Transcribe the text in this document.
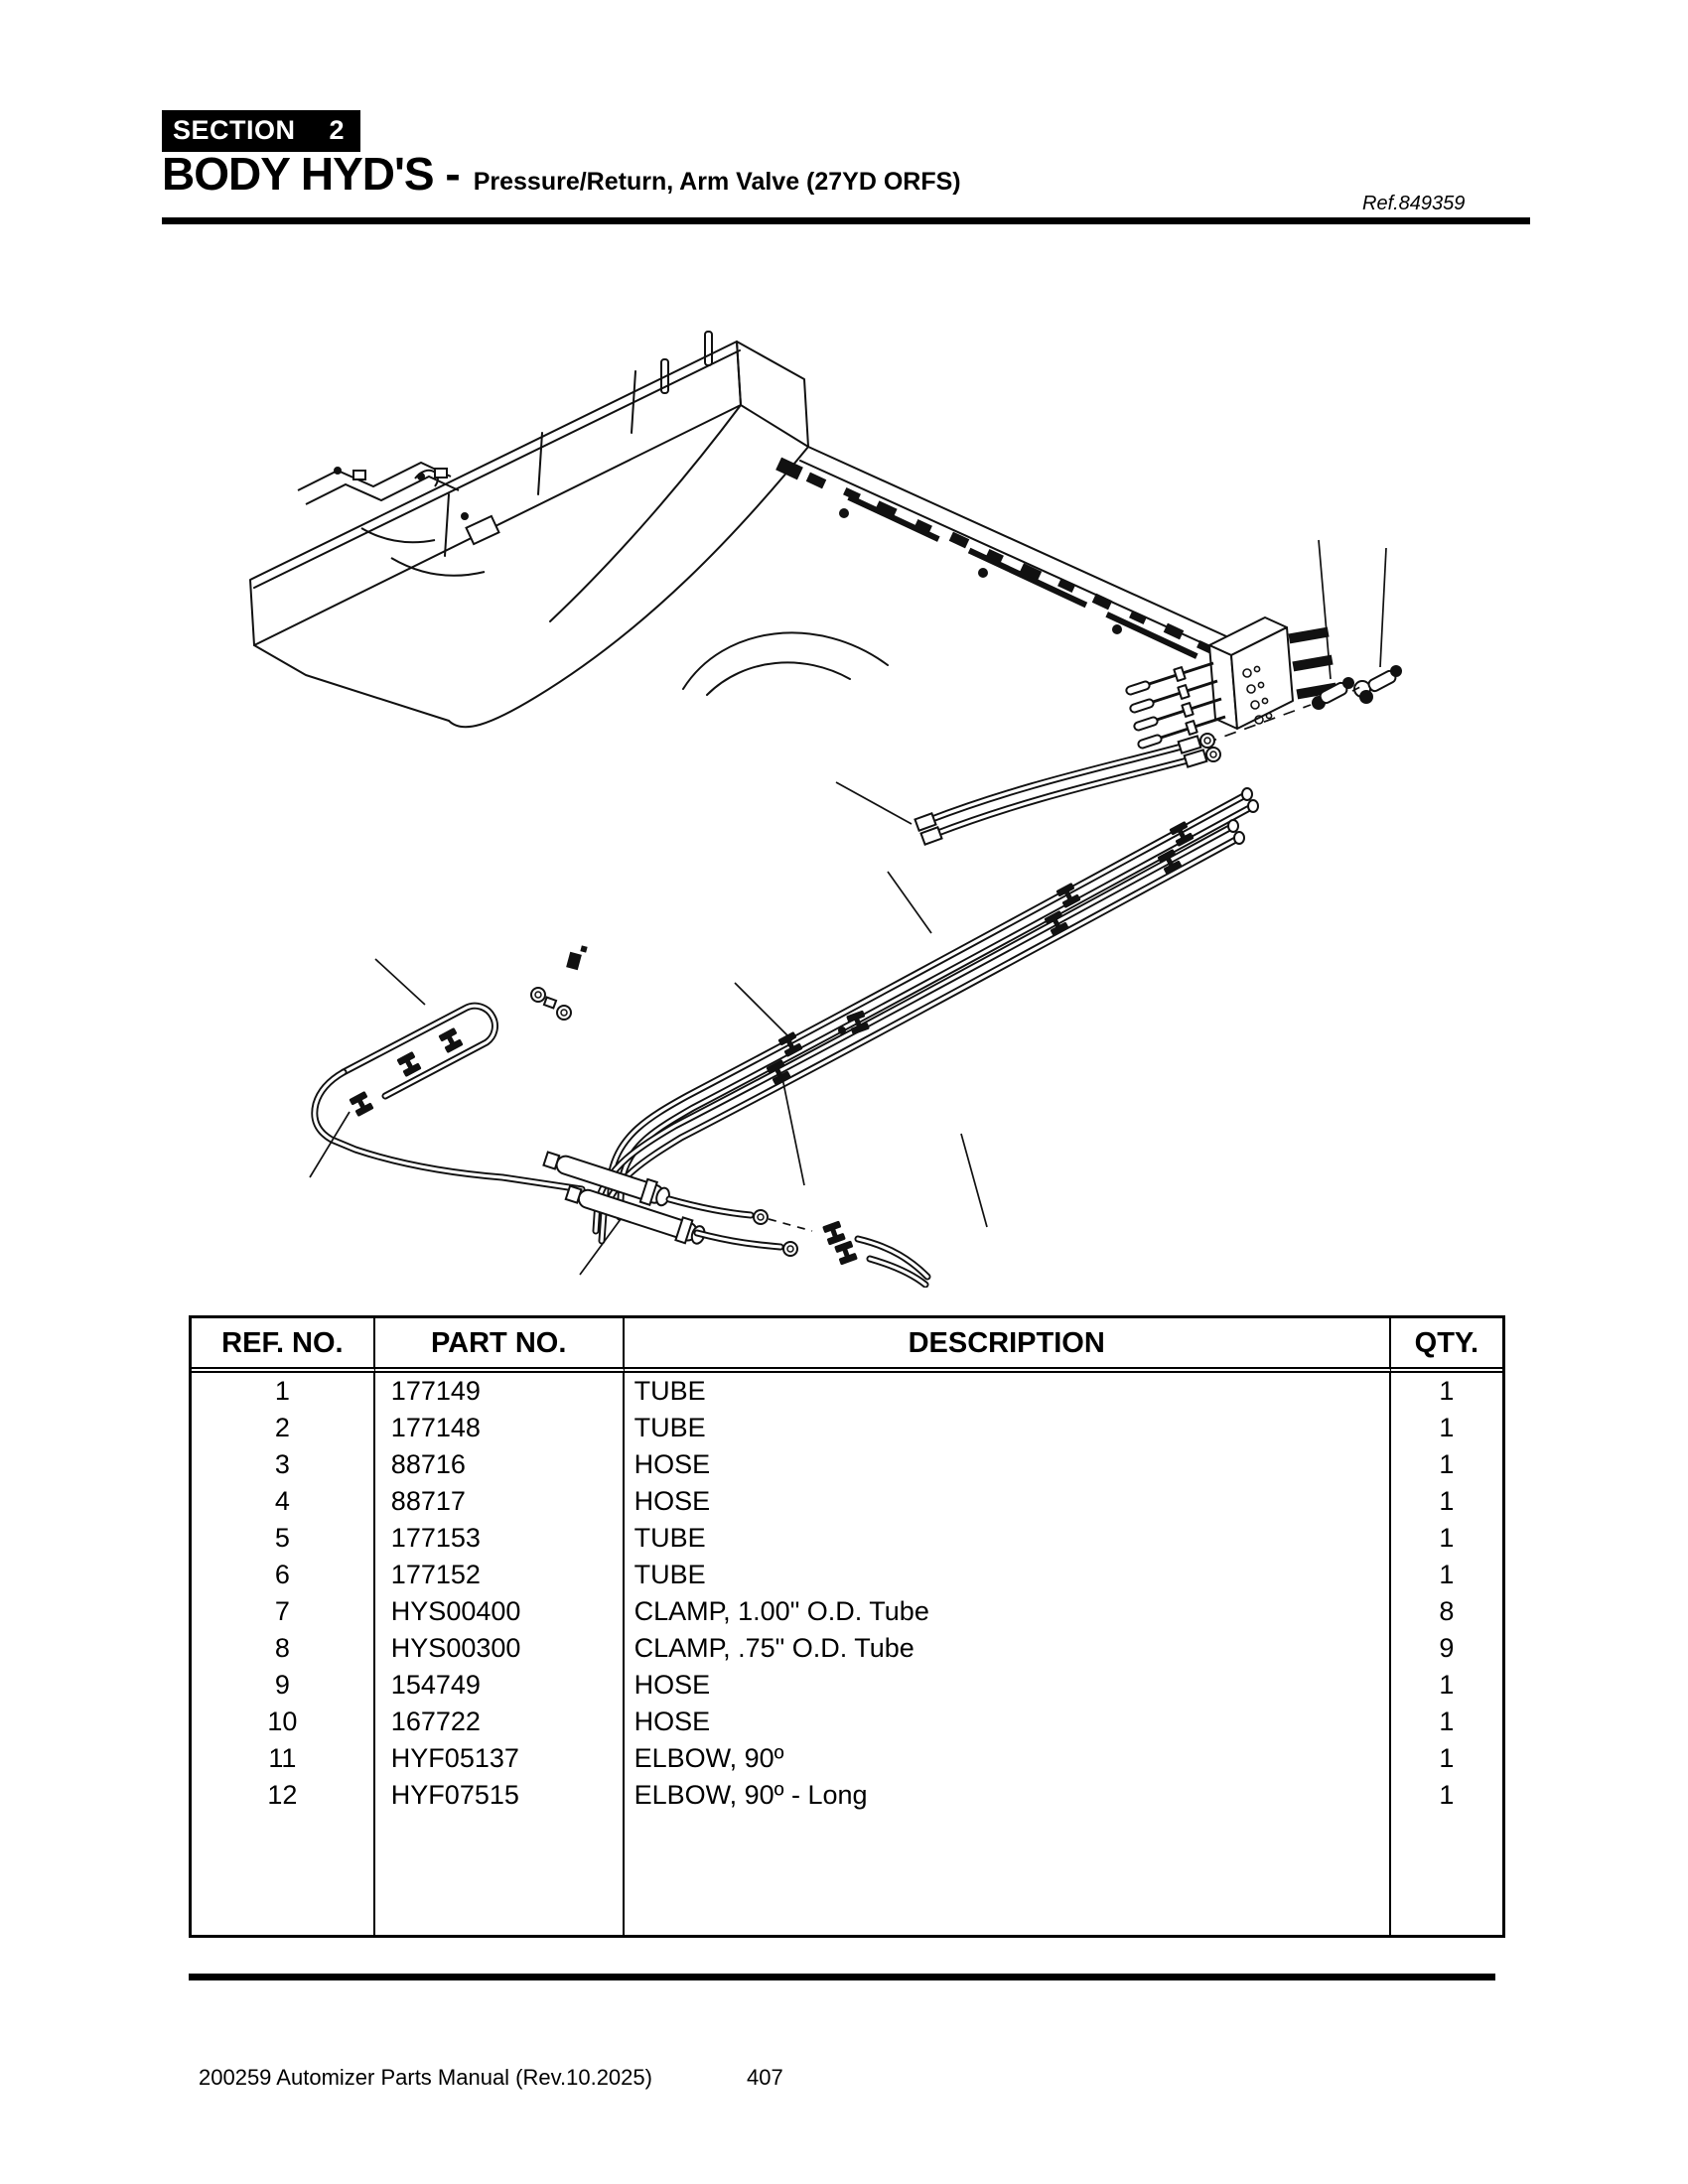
SECTION 2
BODY HYD'S - Pressure/Return, Arm Valve (27YD ORFS)
Ref.849359
REF. NO.	PART NO.	DESCRIPTION	QTY.
1	177149	TUBE	1
2	177148	TUBE	1
3	88716	HOSE	1
4	88717	HOSE	1
5	177153	TUBE	1
6	177152	TUBE	1
7	HYS00400	CLAMP, 1.00" O.D. Tube	8
8	HYS00300	CLAMP, .75" O.D. Tube	9
9	154749	HOSE	1
10	167722	HOSE	1
11	HYF05137	ELBOW, 90º	1
12	HYF07515	ELBOW, 90º - Long	1

200259 Automizer Parts Manual (Rev.10.2025)	407
